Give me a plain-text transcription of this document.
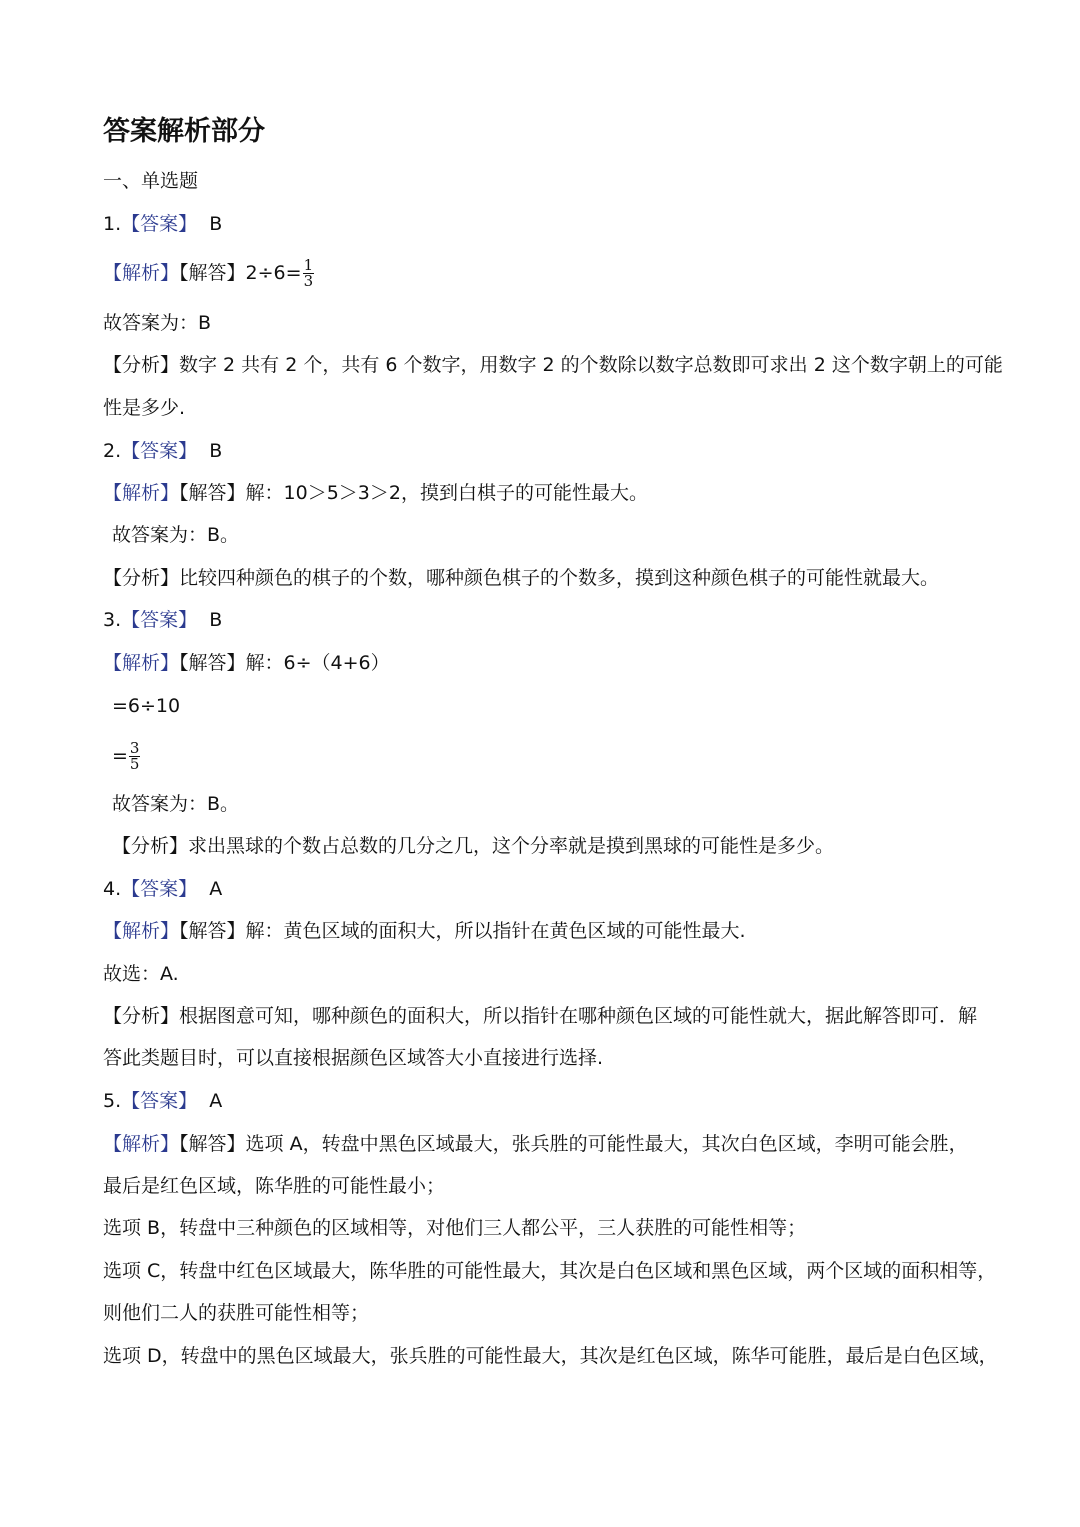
答案解析部分
一、单选题
1.【答案】 B
【解析】【解答】$2\div 6= \frac{1}{3}$
故答案为：B
【分析】数字 2 共有 2 个，共有 6 个数字，用数字 2 的个数除以数字总数即可求出 2 这个数字朝上的可能
性是多少.
2.【答案】 B
【解析】【解答】解：10＞5＞3＞2，摸到白棋子的可能性最大。
故答案为：B。
【分析】比较四种颜色的棋子的个数，哪种颜色棋子的个数多，摸到这种颜色棋子的可能性就最大。
3.【答案】 B
【解析】【解答】解：6÷（4+6）
=6÷10
= $\frac{3}{5}$
故答案为：B。
【分析】求出黑球的个数占总数的几分之几，这个分率就是摸到黑球的可能性是多少。
4.【答案】 A
【解析】【解答】解：黄色区域的面积大，所以指针在黄色区域的可能性最大.
故选：A.
【分析】根据图意可知，哪种颜色的面积大，所以指针在哪种颜色区域的可能性就大，据此解答即可．解
答此类题目时，可以直接根据颜色区域答大小直接进行选择.
5.【答案】 A
【解析】【解答】选项 A，转盘中黑色区域最大，张兵胜的可能性最大，其次白色区域，李明可能会胜，
最后是红色区域，陈华胜的可能性最小；
选项 B，转盘中三种颜色的区域相等，对他们三人都公平，三人获胜的可能性相等；
选项 C，转盘中红色区域最大，陈华胜的可能性最大，其次是白色区域和黑色区域，两个区域的面积相等，
则他们二人的获胜可能性相等；
选项 D，转盘中的黑色区域最大，张兵胜的可能性最大，其次是红色区域，陈华可能胜，最后是白色区域，
